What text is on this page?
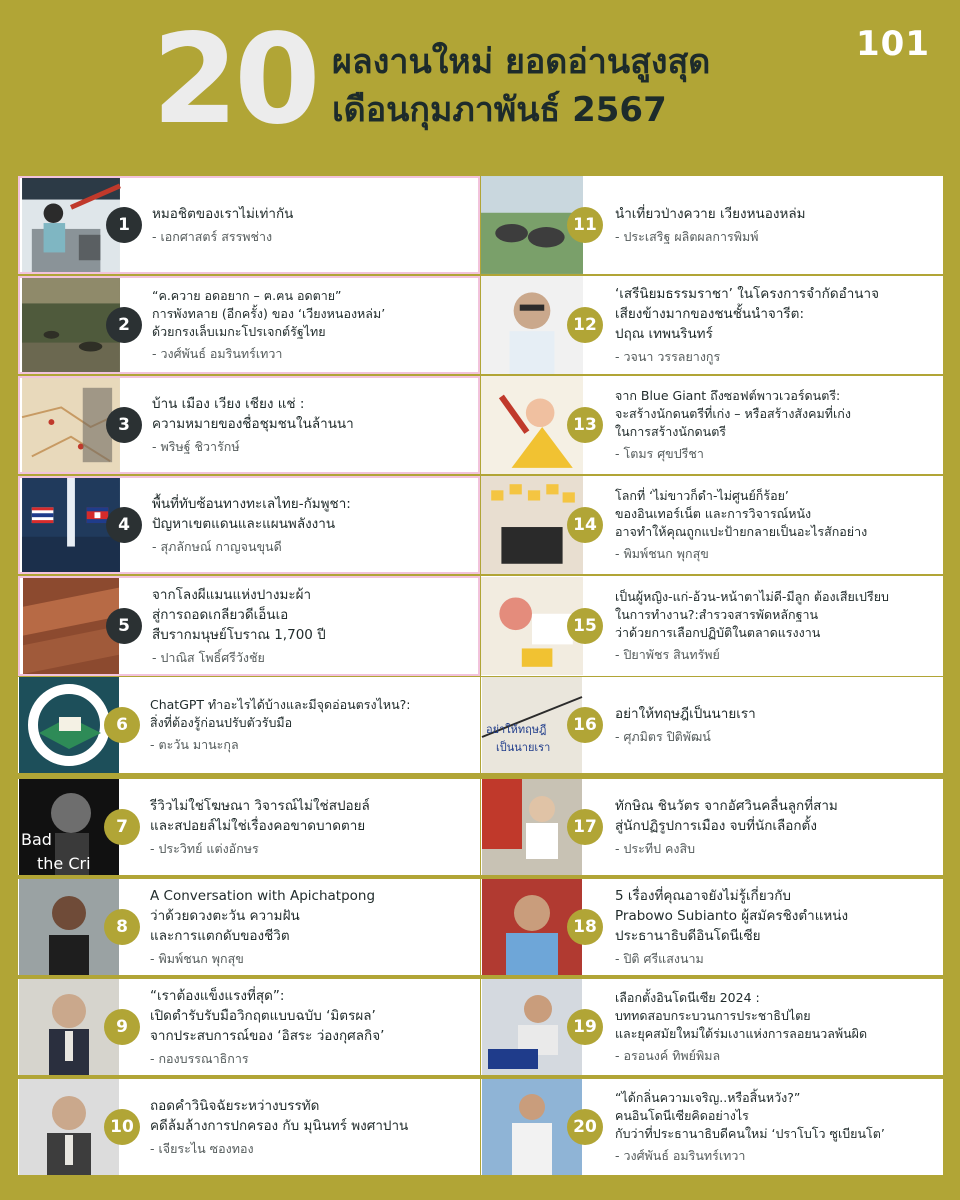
20 ผลงานใหม่ ยอดอ่านสูงสุด
เดือนกุมภาพันธ์ 2567
101
1
หมอชิตของเราไม่เท่ากัน
- เอกศาสตร์ สรรพช่าง
2
“ค.ควาย อดอยาก – ฅ.ฅน อดตาย”
การพังทลาย (อีกครั้ง) ของ ‘เวียงหนองหล่ม’
ด้วยกรงเล็บเมกะโปรเจกต์รัฐไทย
- วงศ์พันธ์ อมรินทร์เทวา
3
บ้าน เมือง เวียง เชียง แช่ :
ความหมายของชื่อชุมชนในล้านนา
- พริษฐ์ ชิวารักษ์
4
พื้นที่ทับซ้อนทางทะเลไทย-กัมพูชา:
ปัญหาเขตแดนและแผนพลังงาน
- สุภลักษณ์ กาญจนขุนดี
5
จากโลงผีแมนแห่งปางมะผ้า
สู่การถอดเกลียวดีเอ็นเอ
สืบรากมนุษย์โบราณ 1,700 ปี
- ปาณิส โพธิ์ศรีวังชัย
6
ChatGPT ทำอะไรได้บ้างและมีจุดอ่อนตรงไหน?:
สิ่งที่ต้องรู้ก่อนปรับตัวรับมือ
- ตะวัน มานะกุล
Bad
the Cri
7
รีวิวไม่ใช่โฆษณา วิจารณ์ไม่ใช่สปอยล์
และสปอยล์ไม่ใช่เรื่องคอขาดบาดตาย
- ประวิทย์ แต่งอักษร
8
A Conversation with Apichatpong
ว่าด้วยดวงตะวัน ความฝัน
และการแตกดับของชีวิต
- พิมพ์ชนก พุกสุข
9
“เราต้องแข็งแรงที่สุด”:
เปิดตำรับรับมือวิกฤตแบบฉบับ ‘มิตรผล’
จากประสบการณ์ของ ‘อิสระ ว่องกุศลกิจ’
- กองบรรณาธิการ
10
ถอดคำวินิจฉัยระหว่างบรรทัด
คดีล้มล้างการปกครอง กับ มุนินทร์ พงศาปาน
- เจียระไน ซองทอง
11
นำเที่ยวป่างควาย เวียงหนองหล่ม
- ประเสริฐ ผลิตผลการพิมพ์
12
‘เสรีนิยมธรรมราชา’ ในโครงการจำกัดอำนาจ
เสียงข้างมากของชนชั้นนำจารีต:
ปฤณ เทพนรินทร์
- วจนา วรรลยางกูร
13
จาก Blue Giant ถึงซอฟต์พาวเวอร์ดนตรี:
จะสร้างนักดนตรีที่เก่ง – หรือสร้างสังคมที่เก่ง
ในการสร้างนักดนตรี
- โตมร ศุขปรีชา
14
โลกที่ ‘ไม่ขาวก็ดำ-ไม่ศูนย์ก็ร้อย’
ของอินเทอร์เน็ต และการวิจารณ์หนัง
อาจทำให้คุณถูกแปะป้ายกลายเป็นอะไรสักอย่าง
- พิมพ์ชนก พุกสุข
15
เป็นผู้หญิง-แก่-อ้วน-หน้าตาไม่ดี-มีลูก ต้องเสียเปรียบ
ในการทำงาน?:สำรวจสารพัดหลักฐาน
ว่าด้วยการเลือกปฏิบัติในตลาดแรงงาน
- ปิยาพัชร สินทรัพย์
อย่าให้ทฤษฎี
เป็นนายเรา
16
อย่าให้ทฤษฎีเป็นนายเรา
- ศุภมิตร ปิติพัฒน์
17
ทักษิณ ชินวัตร จากอัศวินคลื่นลูกที่สาม
สู่นักปฏิรูปการเมือง จบที่นักเลือกตั้ง
- ประทีป คงสิบ
18
5 เรื่องที่คุณอาจยังไม่รู้เกี่ยวกับ
Prabowo Subianto ผู้สมัครชิงตำแหน่ง
ประธานาธิบดีอินโดนีเซีย
- ปิติ ศรีแสงนาม
19
เลือกตั้งอินโดนีเซีย 2024 :
บททดสอบกระบวนการประชาธิปไตย
และยุคสมัยใหม่ใต้ร่มเงาแห่งการลอยนวลพ้นผิด
- อรอนงค์ ทิพย์พิมล
20
“ได้กลิ่นความเจริญ..หรือสิ้นหวัง?”
คนอินโดนีเซียคิดอย่างไร
กับว่าที่ประธานาธิบดีคนใหม่ ‘ปราโบโว ซูเบียนโต’
- วงศ์พันธ์ อมรินทร์เทวา
